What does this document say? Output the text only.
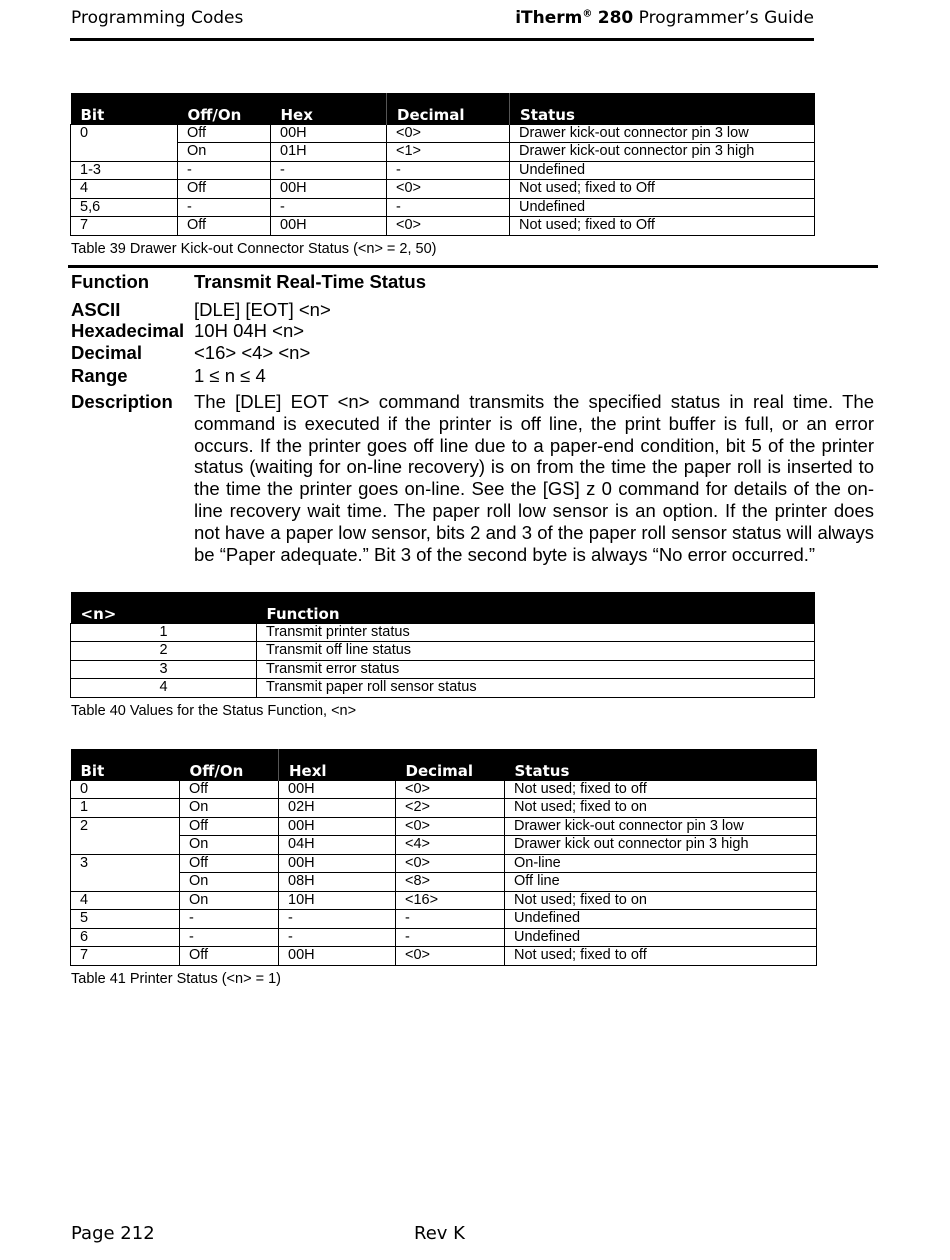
Programming Codes	iTherm® 280 Programmer’s Guide
Bit	Off/On	Hex	Decimal	Status
0	Off	00H	<0>	Drawer kick-out connector pin 3 low
	On	01H	<1>	Drawer kick-out connector pin 3 high
1-3	-	-	-	Undefined
4	Off	00H	<0>	Not used; fixed to Off
5,6	-	-	-	Undefined
7	Off	00H	<0>	Not used; fixed to Off
Table 39 Drawer Kick-out Connector Status (<n> = 2, 50)
Function Transmit Real-Time Status
ASCII	[DLE] [EOT] <n>
Hexadecimal 10H 04H <n>
Decimal	<16> <4> <n>
Range	1 ≤ n ≤ 4
Description The [DLE] EOT <n> command transmits the specified status in real time. The command is executed if the printer is off line, the print buffer is full, or an error occurs. If the printer goes off line due to a paper-end condition, bit 5 of the printer status (waiting for on-line recovery) is on from the time the paper roll is inserted to the time the printer goes on-line. See the [GS] z 0 command for details of the on-line recovery wait time. The paper roll low sensor is an option. If the printer does not have a paper low sensor, bits 2 and 3 of the paper roll sensor status will always be “Paper adequate.” Bit 3 of the second byte is always “No error occurred.”
<n>	Function
1	Transmit printer status
2	Transmit off line status
3	Transmit error status
4	Transmit paper roll sensor status
Table 40 Values for the Status Function, <n>
Bit	Off/On	Hexl	Decimal	Status
0	Off	00H	<0>	Not used; fixed to off
1	On	02H	<2>	Not used; fixed to on
2	Off	00H	<0>	Drawer kick-out connector pin 3 low
	On	04H	<4>	Drawer kick out connector pin 3 high
3	Off	00H	<0>	On-line
	On	08H	<8>	Off line
4	On	10H	<16>	Not used; fixed to on
5	-	-	-	Undefined
6	-	-	-	Undefined
7	Off	00H	<0>	Not used; fixed to off
Table 41 Printer Status (<n> = 1)
Page 212	Rev K
